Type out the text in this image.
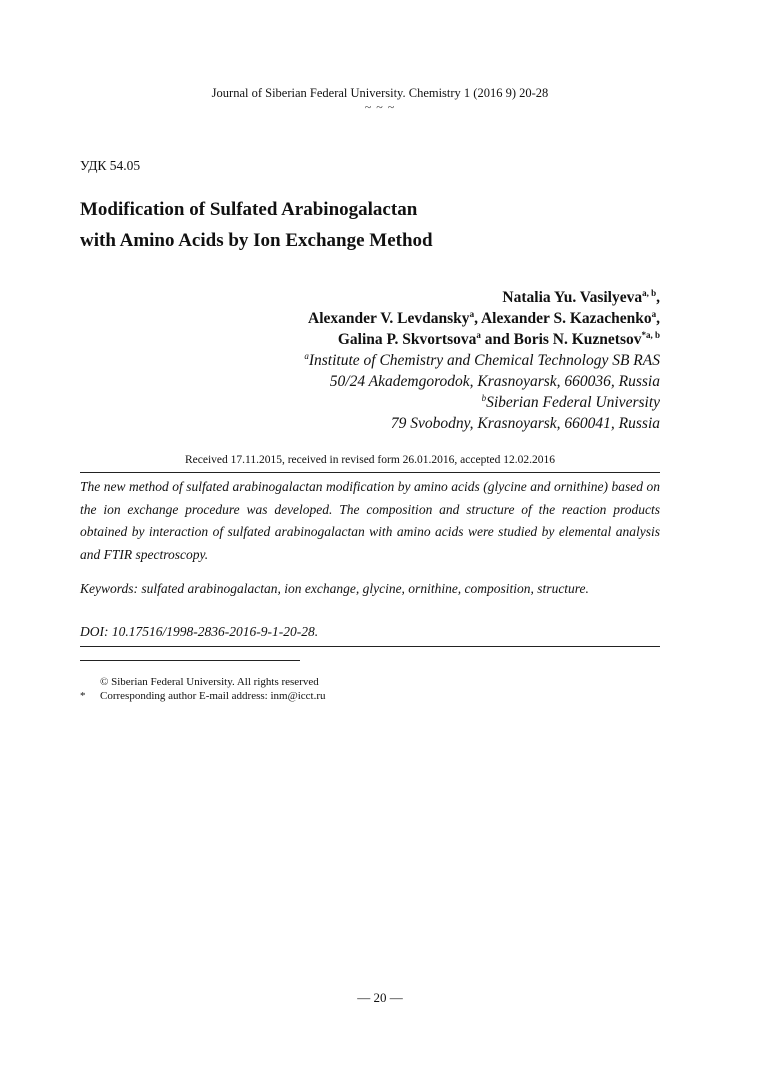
Journal of Siberian Federal University. Chemistry 1 (2016 9) 20-28
~ ~ ~
УДК 54.05
Modification of Sulfated Arabinogalactan
with Amino Acids by Ion Exchange Method
Natalia Yu. Vasilyeva$^{a, b}$,
Alexander V. Levdansky$^a$, Alexander S. Kazachenko$^a$,
Galina P. Skvortsova$^a$ and Boris N. Kuznetsov$^{*a, b}$
$^a$Institute of Chemistry and Chemical Technology SB RAS
50/24 Akademgorodok, Krasnoyarsk, 660036, Russia
$^b$Siberian Federal University
79 Svobodny, Krasnoyarsk, 660041, Russia
Received 17.11.2015, received in revised form 26.01.2016, accepted 12.02.2016
The new method of sulfated arabinogalactan modification by amino acids (glycine and ornithine) based on the ion exchange procedure was developed. The composition and structure of the reaction products obtained by interaction of sulfated arabinogalactan with amino acids were studied by elemental analysis and FTIR spectroscopy.
Keywords: sulfated arabinogalactan, ion exchange, glycine, ornithine, composition, structure.
DOI: 10.17516/1998-2836-2016-9-1-20-28.
© Siberian Federal University. All rights reserved
* Corresponding author E-mail address: inm@icct.ru
— 20 —
